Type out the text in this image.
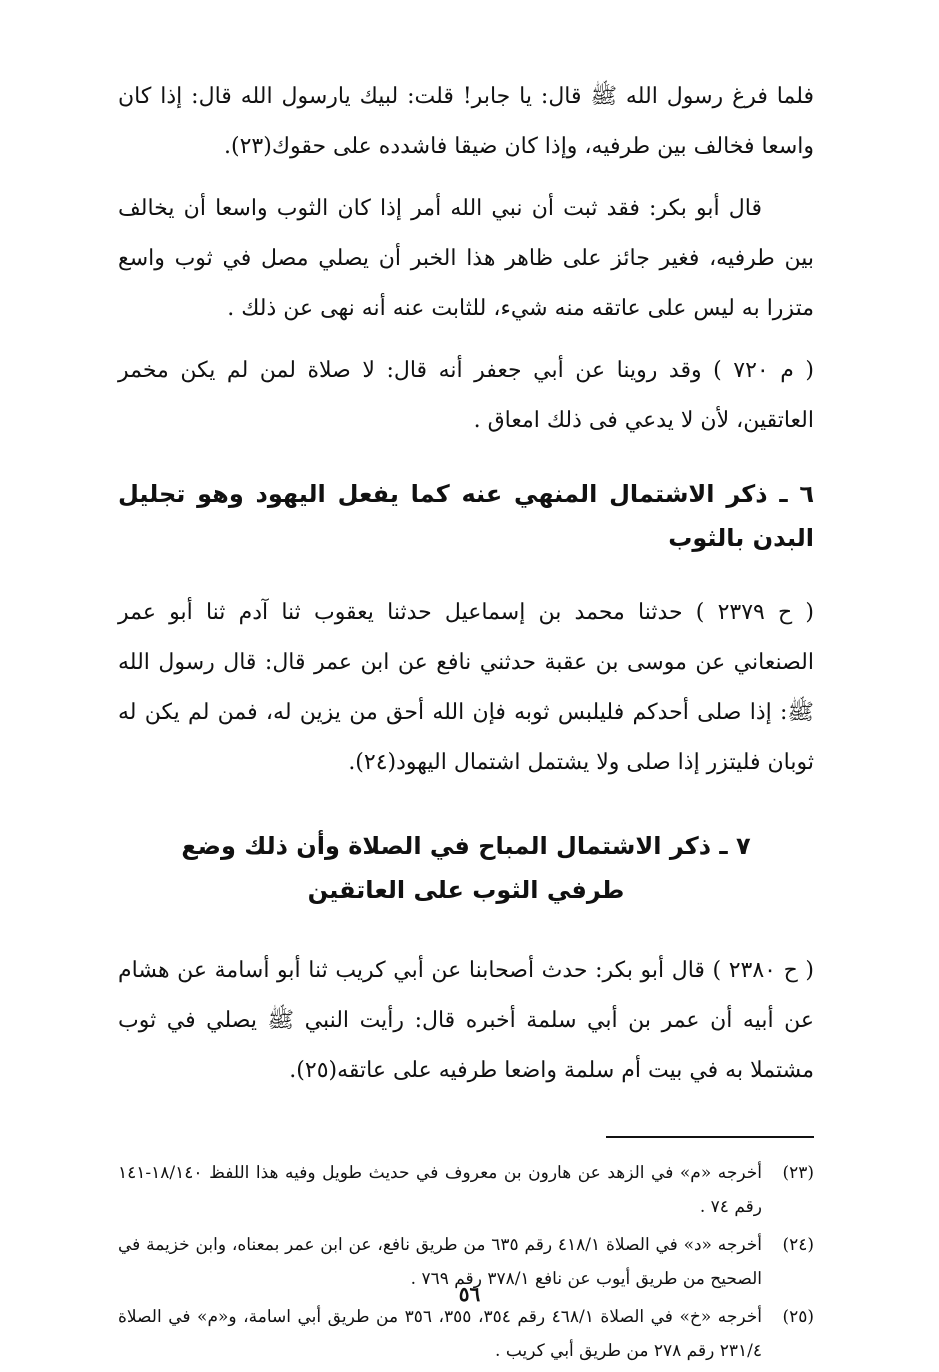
فلما فرغ رسول الله ﷺ قال: يا جابر! قلت: لبيك يارسول الله قال: إذا كان واسعا فخالف بين طرفيه، وإذا كان ضيقا فاشدده على حقوك(٢٣).

قال أبو بكر: فقد ثبت أن نبي الله أمر إذا كان الثوب واسعا أن يخالف بين طرفيه، فغير جائز على ظاهر هذا الخبر أن يصلي مصل في ثوب واسع متزرا به ليس على عاتقه منه شيء، للثابت عنه أنه نهى عن ذلك .

( م ٧٢٠ ) وقد روينا عن أبي جعفر أنه قال: لا صلاة لمن لم يكن مخمر العاتقين، لأن لا يدعي فى ذلك امعاق .

٦ ـ ذكر الاشتمال المنهي عنه كما يفعل اليهود وهو تجليل البدن بالثوب

( ح ٢٣٧٩ ) حدثنا محمد بن إسماعيل حدثنا يعقوب ثنا آدم ثنا أبو عمر الصنعاني عن موسى بن عقبة حدثني نافع عن ابن عمر قال: قال رسول الله ﷺ: إذا صلى أحدكم فليلبس ثوبه فإن الله أحق من يزين له، فمن لم يكن له ثوبان فليتزر إذا صلى ولا يشتمل اشتمال اليهود(٢٤).

٧ ـ ذكر الاشتمال المباح في الصلاة وأن ذلك وضع
طرفي الثوب على العاتقين

( ح ٢٣٨٠ ) قال أبو بكر: حدث أصحابنا عن أبي كريب ثنا أبو أسامة عن هشام عن أبيه أن عمر بن أبي سلمة أخبره قال: رأيت النبي ﷺ يصلي في ثوب مشتملا به في بيت أم سلمة واضعا طرفيه على عاتقه(٢٥).

(٢٣)
أخرجه «م» في الزهد عن هارون بن معروف في حديث طويل وفيه هذا اللفظ ١٨/١٤٠-١٤١ رقم ٧٤ .
(٢٤)
أخرجه «د» في الصلاة ٤١٨/١ رقم ٦٣٥ من طريق نافع، عن ابن عمر بمعناه، وابن خزيمة في الصحيح من طريق أيوب عن نافع ٣٧٨/١ رقم ٧٦٩ .
(٢٥)
أخرجه «خ» في الصلاة ٤٦٨/١ رقم ٣٥٤، ٣٥٥، ٣٥٦ من طريق أبي اسامة، و«م» في الصلاة ٢٣١/٤ رقم ٢٧٨ من طريق أبي كريب .
٥٦
